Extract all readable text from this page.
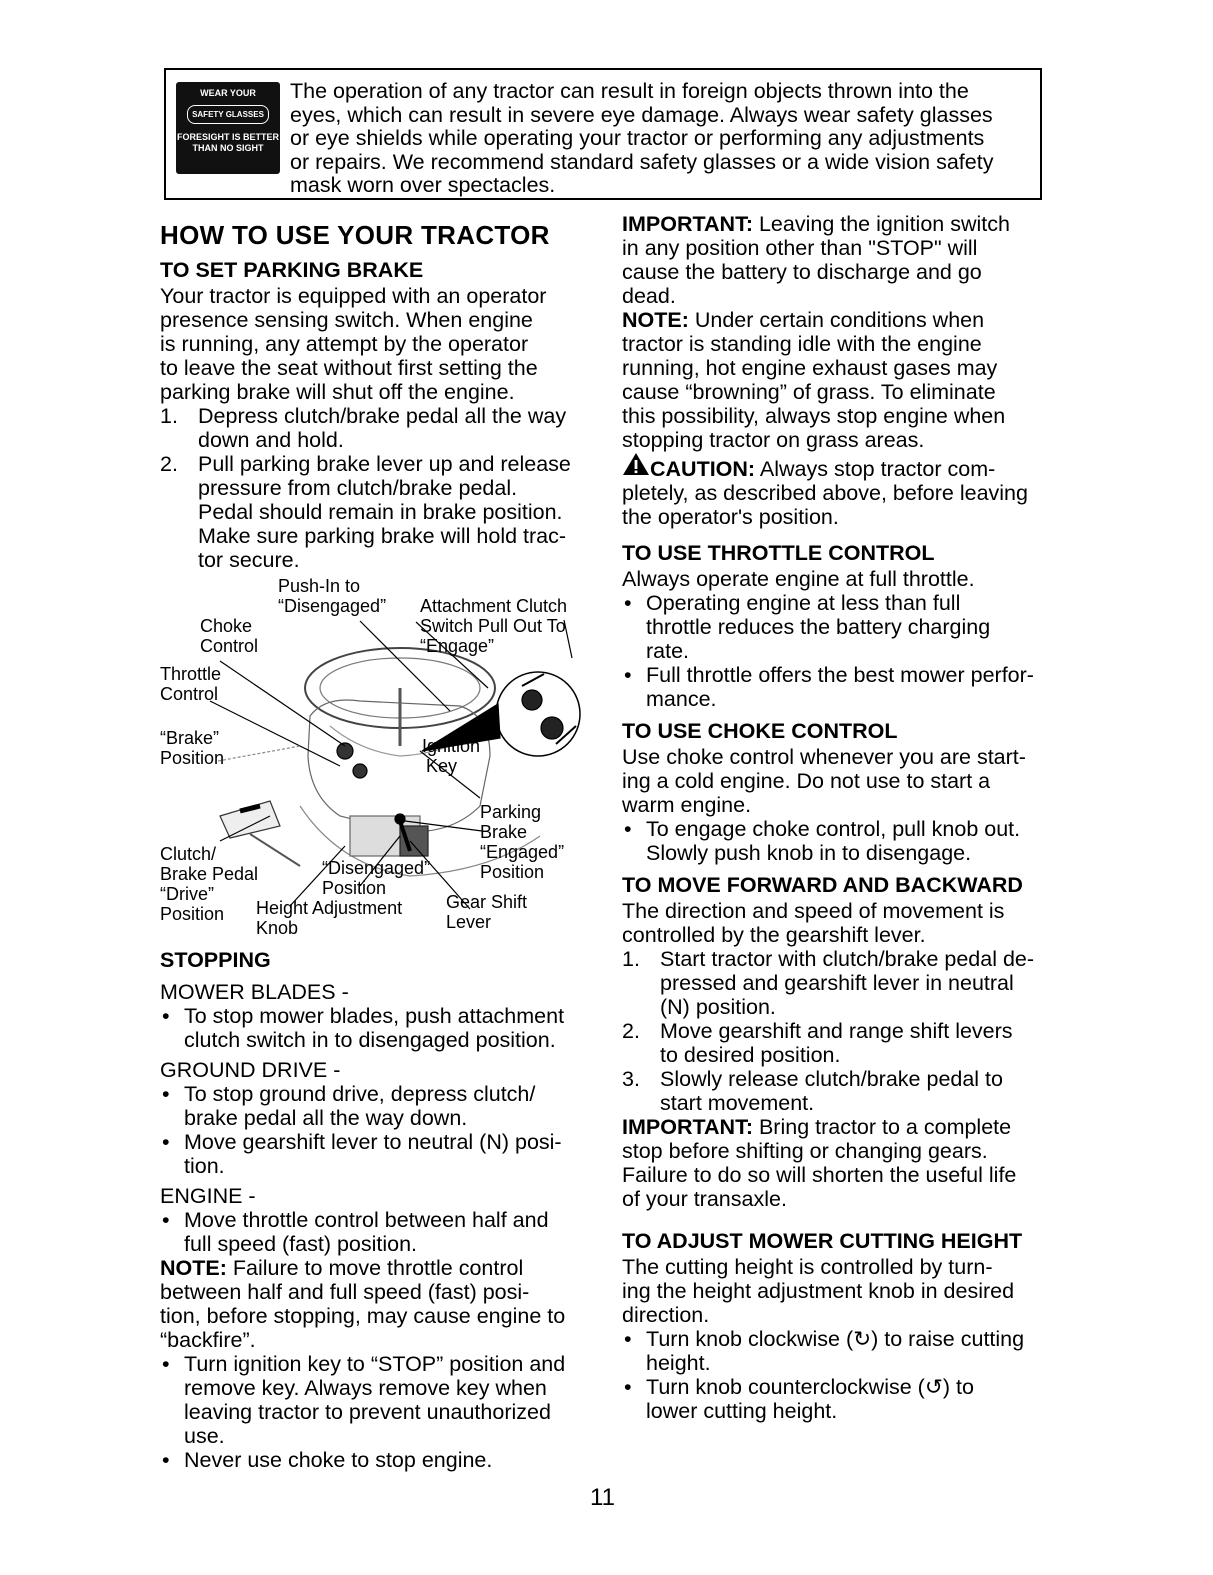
WEAR YOUR
SAFETY GLASSES
FORESIGHT IS BETTER
THAN NO SIGHT
The operation of any tractor can result in foreign objects thrown into the
eyes, which can result in severe eye damage. Always wear safety glasses
or eye shields while operating your tractor or performing any adjustments
or repairs. We recommend standard safety glasses or a wide vision safety
mask worn over spectacles.
HOW TO USE YOUR TRACTOR
TO SET PARKING BRAKE
Your tractor is equipped with an operator
presence sensing switch. When engine
is running, any attempt by the operator
to leave the seat without first setting the
parking brake will shut off the engine.
1. Depress clutch/brake pedal all the way
down and hold.
2. Pull parking brake lever up and release
pressure from clutch/brake pedal.
Pedal should remain in brake position.
Make sure parking brake will hold trac-
tor secure.
Push-In to
“Disengaged” Attachment Clutch
Switch Pull Out To
“Engage”
Choke
Control
Throttle
Control
“Brake”
Position
Ignition
Key
Parking
Brake
“Engaged”
Position
Clutch/
Brake Pedal
“Drive”
Position
“Disengaged”
Position
Height Adjustment
Knob
Gear Shift
Lever
STOPPING
MOWER BLADES -
• To stop mower blades, push attachment
clutch switch in to disengaged position.
GROUND DRIVE -
• To stop ground drive, depress clutch/
brake pedal all the way down.
• Move gearshift lever to neutral (N) posi-
tion.
ENGINE -
• Move throttle control between half and
full speed (fast) position.
NOTE: Failure to move throttle control
between half and full speed (fast) posi-
tion, before stopping, may cause engine to
“backfire”.
• Turn ignition key to “STOP” position and
remove key. Always remove key when
leaving tractor to prevent unauthorized
use.
• Never use choke to stop engine.
IMPORTANT: Leaving the ignition switch
in any position other than "STOP" will
cause the battery to discharge and go
dead.
NOTE: Under certain conditions when
tractor is standing idle with the engine
running, hot engine exhaust gases may
cause “browning” of grass. To eliminate
this possibility, always stop engine when
stopping tractor on grass areas.
CAUTION: Always stop tractor com-
pletely, as described above, before leaving
the operator's position.
TO USE THROTTLE CONTROL
Always operate engine at full throttle.
• Operating engine at less than full
throttle reduces the battery charging
rate.
• Full throttle offers the best mower perfor-
mance.
TO USE CHOKE CONTROL
Use choke control whenever you are start-
ing a cold engine. Do not use to start a
warm engine.
• To engage choke control, pull knob out.
Slowly push knob in to disengage.
TO MOVE FORWARD AND BACKWARD
The direction and speed of movement is
controlled by the gearshift lever.
1. Start tractor with clutch/brake pedal de-
pressed and gearshift lever in neutral
(N) position.
2. Move gearshift and range shift levers
to desired position.
3. Slowly release clutch/brake pedal to
start movement.
IMPORTANT: Bring tractor to a complete
stop before shifting or changing gears.
Failure to do so will shorten the useful life
of your transaxle.
TO ADJUST MOWER CUTTING HEIGHT
The cutting height is controlled by turn-
ing the height adjustment knob in desired
direction.
• Turn knob clockwise (↻) to raise cutting
height.
• Turn knob counterclockwise (↺) to
lower cutting height.
11
